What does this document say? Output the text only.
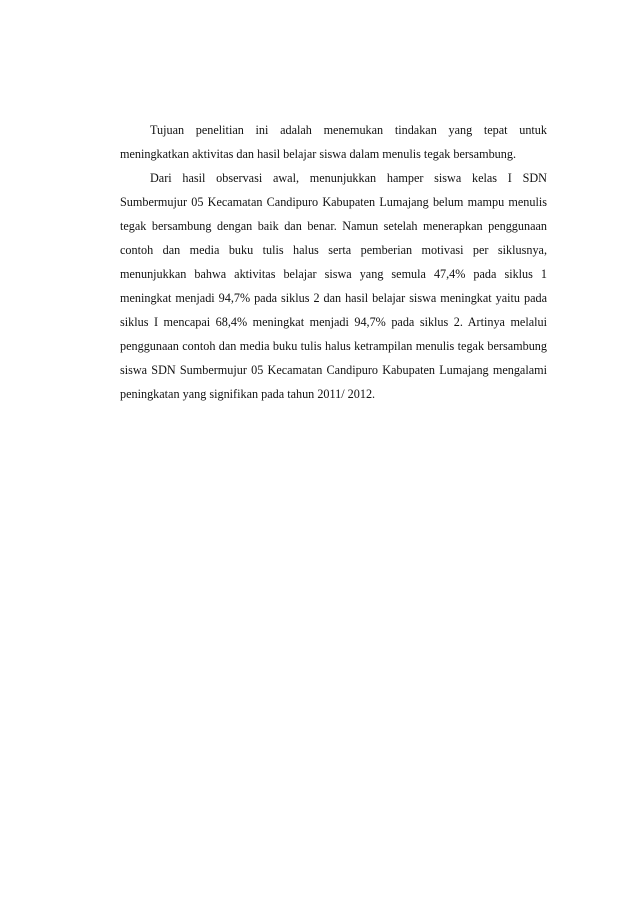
Tujuan penelitian ini adalah menemukan tindakan yang tepat untuk meningkatkan aktivitas dan hasil belajar siswa dalam menulis tegak bersambung.

Dari hasil observasi awal, menunjukkan hamper siswa kelas I SDN Sumbermujur 05 Kecamatan Candipuro Kabupaten Lumajang belum mampu menulis tegak bersambung dengan baik dan benar. Namun setelah menerapkan penggunaan contoh dan media buku tulis halus serta pemberian motivasi per siklusnya, menunjukkan bahwa aktivitas belajar siswa yang semula 47,4% pada siklus 1 meningkat menjadi 94,7% pada siklus 2 dan hasil belajar siswa meningkat yaitu pada siklus I mencapai 68,4% meningkat menjadi 94,7% pada siklus 2. Artinya melalui penggunaan contoh dan media buku tulis halus ketrampilan menulis tegak bersambung siswa SDN Sumbermujur 05 Kecamatan Candipuro Kabupaten Lumajang mengalami peningkatan yang signifikan pada tahun 2011/ 2012.
